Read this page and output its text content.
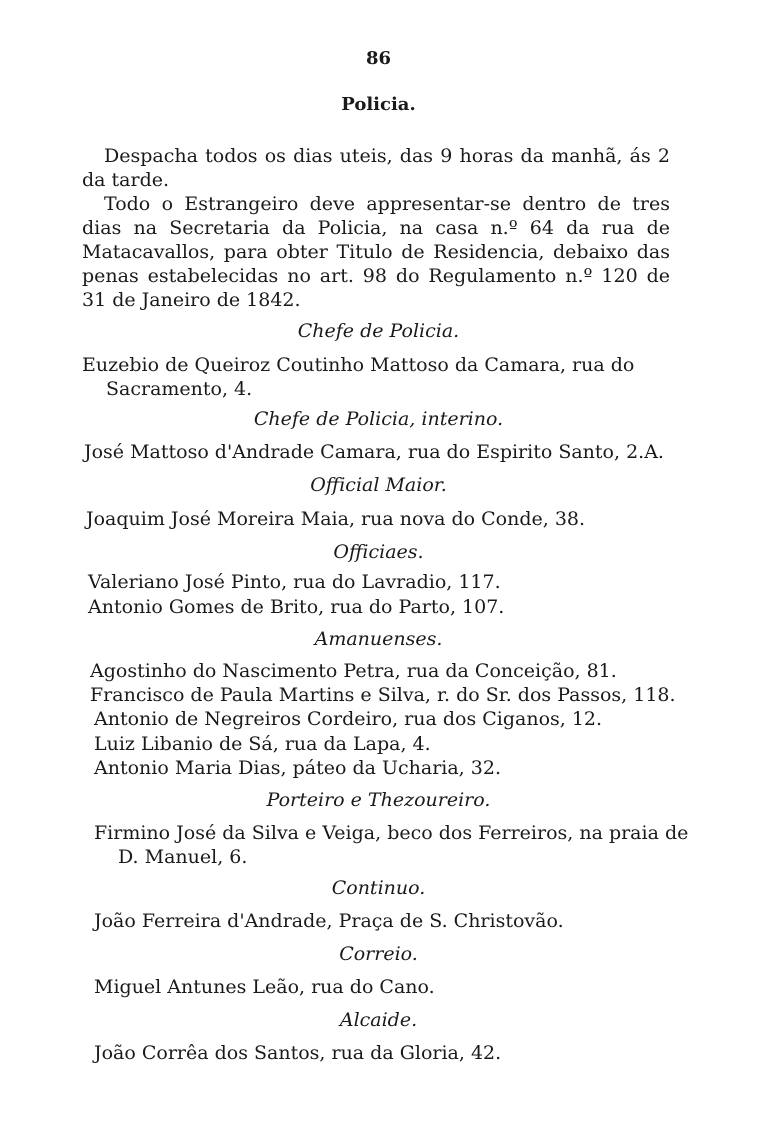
86
Policia.
Despacha todos os dias uteis, das 9 horas da manhã, ás 2 da tarde.
Todo o Estrangeiro deve appresentar-se dentro de tres dias na Secretaria da Policia, na casa n.º 64 da rua de Matacavallos, para obter Titulo de Residencia, debaixo das penas estabelecidas no art. 98 do Regulamento n.º 120 de 31 de Janeiro de 1842.
Chefe de Policia.
Euzebio de Queiroz Coutinho Mattoso da Camara, rua do Sacramento, 4.
Chefe de Policia, interino.
José Mattoso d'Andrade Camara, rua do Espirito Santo, 2.A.
Official Maior.
Joaquim José Moreira Maia, rua nova do Conde, 38.
Officiaes.
Valeriano José Pinto, rua do Lavradio, 117.
Antonio Gomes de Brito, rua do Parto, 107.
Amanuenses.
Agostinho do Nascimento Petra, rua da Conceição, 81.
Francisco de Paula Martins e Silva, r. do Sr. dos Passos, 118.
Antonio de Negreiros Cordeiro, rua dos Ciganos, 12.
Luiz Libanio de Sá, rua da Lapa, 4.
Antonio Maria Dias, páteo da Ucharia, 32.
Porteiro e Thezoureiro.
Firmino José da Silva e Veiga, beco dos Ferreiros, na praia de D. Manuel, 6.
Continuo.
João Ferreira d'Andrade, Praça de S. Christovão.
Correio.
Miguel Antunes Leão, rua do Cano.
Alcaide.
João Corrêa dos Santos, rua da Gloria, 42.
